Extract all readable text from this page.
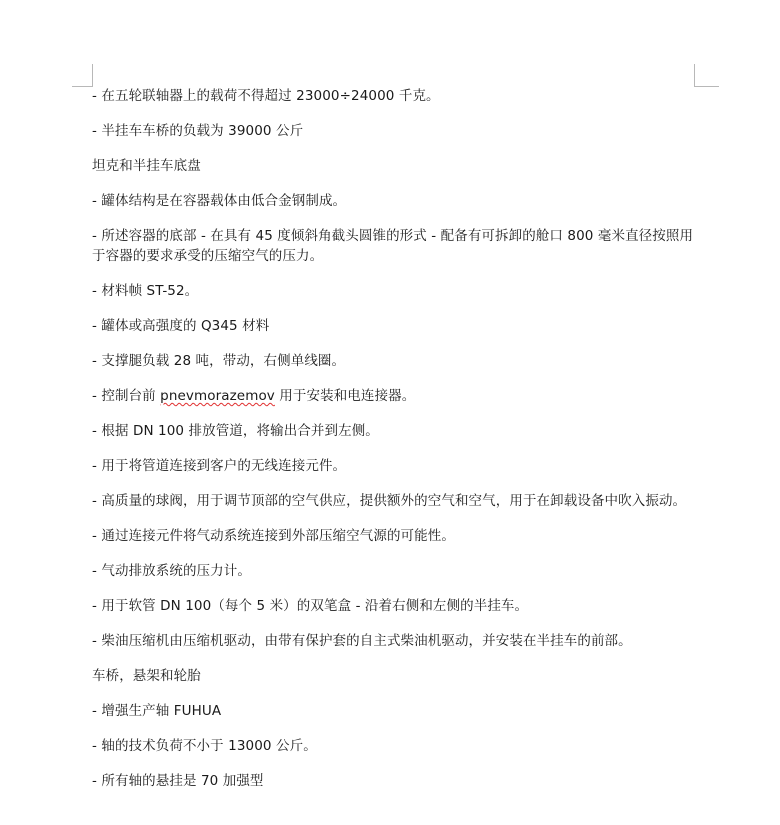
- 在五轮联轴器上的载荷不得超过 23000÷24000 千克。

- 半挂车车桥的负载为 39000 公斤

坦克和半挂车底盘

- 罐体结构是在容器载体由低合金钢制成。

- 所述容器的底部 - 在具有 45 度倾斜角截头圆锥的形式 - 配备有可拆卸的舱口 800 毫米直径按照用于容器的要求承受的压缩空气的压力。

- 材料帧 ST-52。

- 罐体或高强度的 Q345 材料

- 支撑腿负载 28 吨，带动，右侧单线圈。

- 控制台前 pnevmorazemov 用于安装和电连接器。

- 根据 DN 100 排放管道，将输出合并到左侧。

- 用于将管道连接到客户的无线连接元件。

- 高质量的球阀，用于调节顶部的空气供应，提供额外的空气和空气，用于在卸载设备中吹入振动。

- 通过连接元件将气动系统连接到外部压缩空气源的可能性。

- 气动排放系统的压力计。

- 用于软管 DN 100（每个 5 米）的双笔盒 - 沿着右侧和左侧的半挂车。

- 柴油压缩机由压缩机驱动，由带有保护套的自主式柴油机驱动，并安装在半挂车的前部。

车桥，悬架和轮胎

- 增强生产轴 FUHUA

- 轴的技术负荷不小于 13000 公斤。

- 所有轴的悬挂是 70 加强型
